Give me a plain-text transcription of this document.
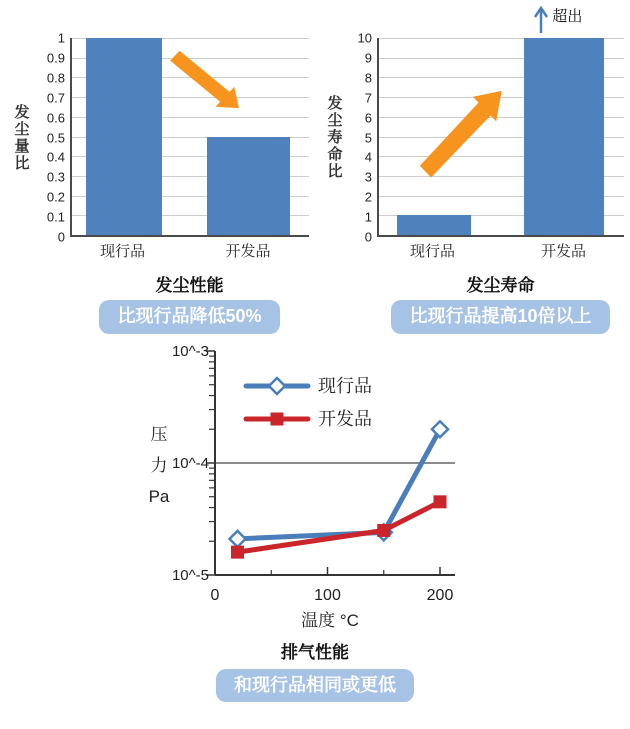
发尘量比
1
0.9
0.8
0.7
0.6
0.5
0.4
0.3
0.2
0.1
0
现行品	开发品
发尘性能
比现行品降低50%
发尘寿命比
10
9
8
7
6
5
4
3
2
1
0
超出
现行品	开发品
发尘寿命
比现行品提高10倍以上
10^-3
10^-4
10^-5
压
力
Pa
0	100	200
温度 °C
现行品
开发品
排气性能
和现行品相同或更低
